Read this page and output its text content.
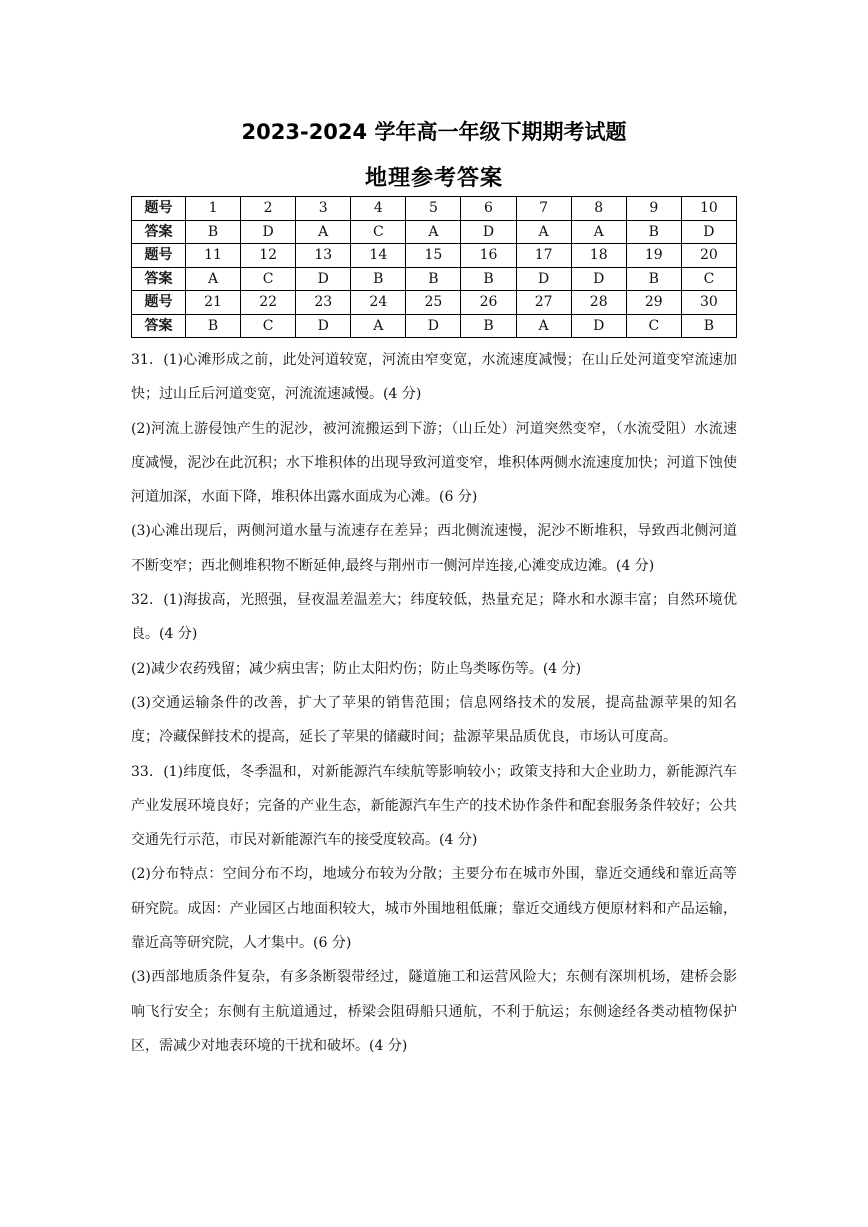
2023-2024 学年高一年级下期期考试题
地理参考答案
题号	1	2	3	4	5	6	7	8	9	10
答案	B	D	A	C	A	D	A	A	B	D
题号	11	12	13	14	15	16	17	18	19	20
答案	A	C	D	B	B	B	D	D	B	C
题号	21	22	23	24	25	26	27	28	29	30
答案	B	C	D	A	D	B	A	D	C	B

31．(1)心滩形成之前，此处河道较宽，河流由窄变宽，水流速度减慢；在山丘处河道变窄流速加快；过山丘后河道变宽，河流流速减慢。(4 分)

(2)河流上游侵蚀产生的泥沙，被河流搬运到下游；（山丘处）河道突然变窄，（水流受阻）水流速度减慢，泥沙在此沉积；水下堆积体的出现导致河道变窄，堆积体两侧水流速度加快；河道下蚀使河道加深，水面下降，堆积体出露水面成为心滩。(6 分)

(3)心滩出现后，两侧河道水量与流速存在差异；西北侧流速慢，泥沙不断堆积，导致西北侧河道不断变窄；西北侧堆积物不断延伸,最终与荆州市一侧河岸连接,心滩变成边滩。(4 分)

32．(1)海拔高，光照强，昼夜温差温差大；纬度较低，热量充足；降水和水源丰富；自然环境优良。(4 分)

(2)减少农药残留；减少病虫害；防止太阳灼伤；防止鸟类啄伤等。(4 分)

(3)交通运输条件的改善，扩大了苹果的销售范围；信息网络技术的发展，提高盐源苹果的知名度；冷藏保鲜技术的提高，延长了苹果的储藏时间；盐源苹果品质优良，市场认可度高。

33．(1)纬度低，冬季温和，对新能源汽车续航等影响较小；政策支持和大企业助力，新能源汽车产业发展环境良好；完备的产业生态，新能源汽车生产的技术协作条件和配套服务条件较好；公共交通先行示范，市民对新能源汽车的接受度较高。(4 分)

(2)分布特点：空间分布不均，地域分布较为分散；主要分布在城市外围，靠近交通线和靠近高等研究院。成因：产业园区占地面积较大，城市外围地租低廉；靠近交通线方便原材料和产品运输，靠近高等研究院，人才集中。(6 分)

(3)西部地质条件复杂，有多条断裂带经过，隧道施工和运营风险大；东侧有深圳机场，建桥会影响飞行安全；东侧有主航道通过，桥梁会阻碍船只通航，不利于航运；东侧途经各类动植物保护区，需减少对地表环境的干扰和破坏。(4 分)
